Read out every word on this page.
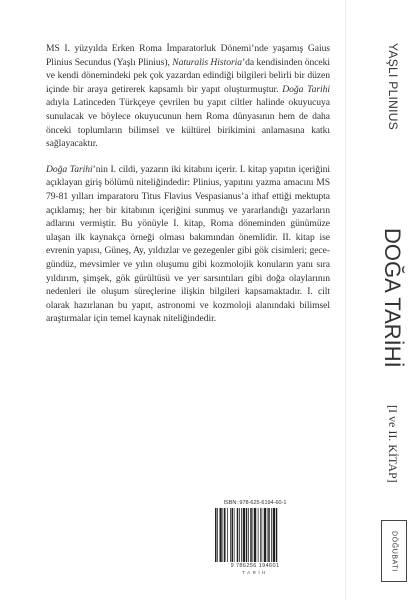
MS I. yüzyılda Erken Roma İmparatorluk Dönemi’nde yaşamış Gaius Plinius Secundus (Yaşlı Plinius), Naturalis Historia’da kendisinden önceki ve kendi dönemindeki pek çok yazardan edindiği bilgileri belirli bir düzen içinde bir araya getirerek kapsamlı bir yapıt oluşturmuştur. Doğa Tarihi adıyla Latinceden Türkçeye çevrilen bu yapıt ciltler halinde okuyucuya sunulacak ve böylece okuyucunun hem Roma dünyasının hem de daha önceki toplumların bilimsel ve kültürel birikimini anlamasına katkı sağlayacaktır.

Doğa Tarihi’nin I. cildi, yazarın iki kitabını içerir. I. kitap yapıtın içeriğini açıklayan giriş bölümü niteliğindedir: Plinius, yapıtını yazma amacını MS 79-81 yılları imparatoru Titus Flavius Vespasianus’a ithaf ettiği mektupta açıklamış; her bir kitabının içeriğini sunmuş ve yararlandığı yazarların adlarını vermiştir. Bu yönüyle I. kitap, Roma döneminden günümüze ulaşan ilk kaynakça örneği olması bakımından önemlidir. II. kitap ise evrenin yapısı, Güneş, Ay, yıldızlar ve gezegenler gibi gök cisimleri; gece-gündüz, mevsimler ve yılın oluşumu gibi kozmolojik konuların yanı sıra yıldırım, şimşek, gök gürültüsü ve yer sarsıntıları gibi doğa olaylarının nedenleri ile oluşum süreçlerine ilişkin bilgileri kapsamaktadır. I. cilt olarak hazırlanan bu yapıt, astronomi ve kozmoloji alanındaki bilimsel araştırmalar için temel kaynak niteliğindedir.

ISBN: 978-625-6194-60-1
9 786256 194601
TARİH
YAŞLI PLINIUS
DOĞA TARİHİ
[I ve II. KİTAP]
DÖĞUBATI
